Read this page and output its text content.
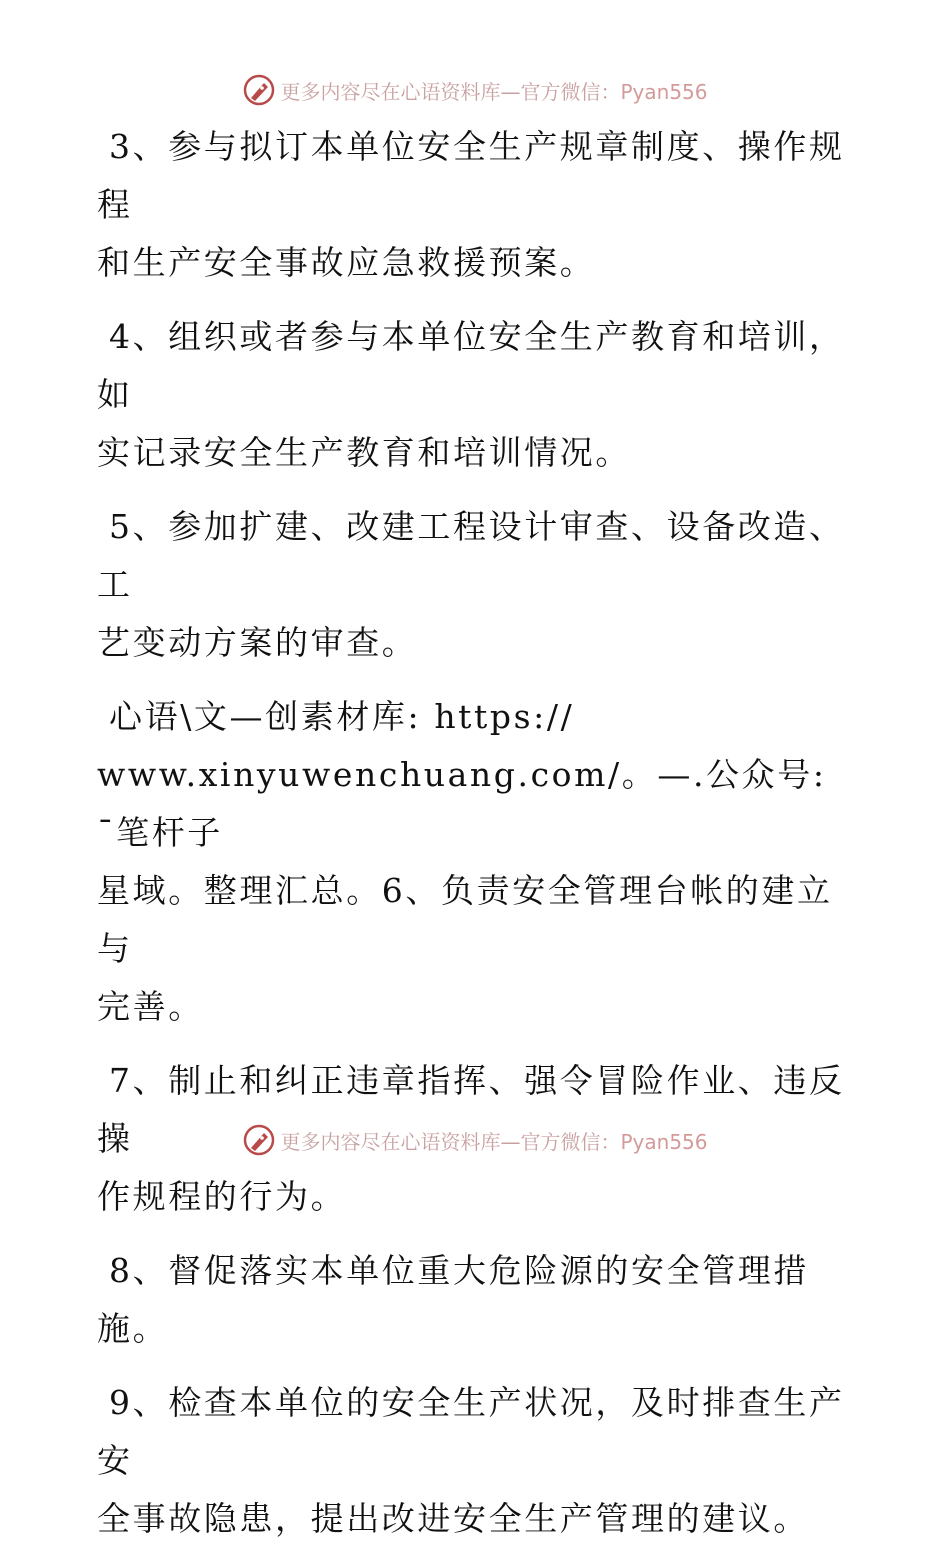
更多内容尽在心语资料库—官方微信：Pyan556

3、参与拟订本单位安全生产规章制度、操作规程
和生产安全事故应急救援预案。

4、组织或者参与本单位安全生产教育和培训，如
实记录安全生产教育和培训情况。

5、参加扩建、改建工程设计审查、设备改造、工
艺变动方案的审查。

心语\文—创素材库: https://
www.xinyuwenchuang.com/。—.公众号: ¯笔杆子
星域。整理汇总。6、负责安全管理台帐的建立与
完善。

7、制止和纠正违章指挥、强令冒险作业、违反操
作规程的行为。

8、督促落实本单位重大危险源的安全管理措施。

9、检查本单位的安全生产状况，及时排查生产安
全事故隐患，提出改进安全生产管理的建议。

更多内容尽在心语资料库—官方微信：Pyan556
